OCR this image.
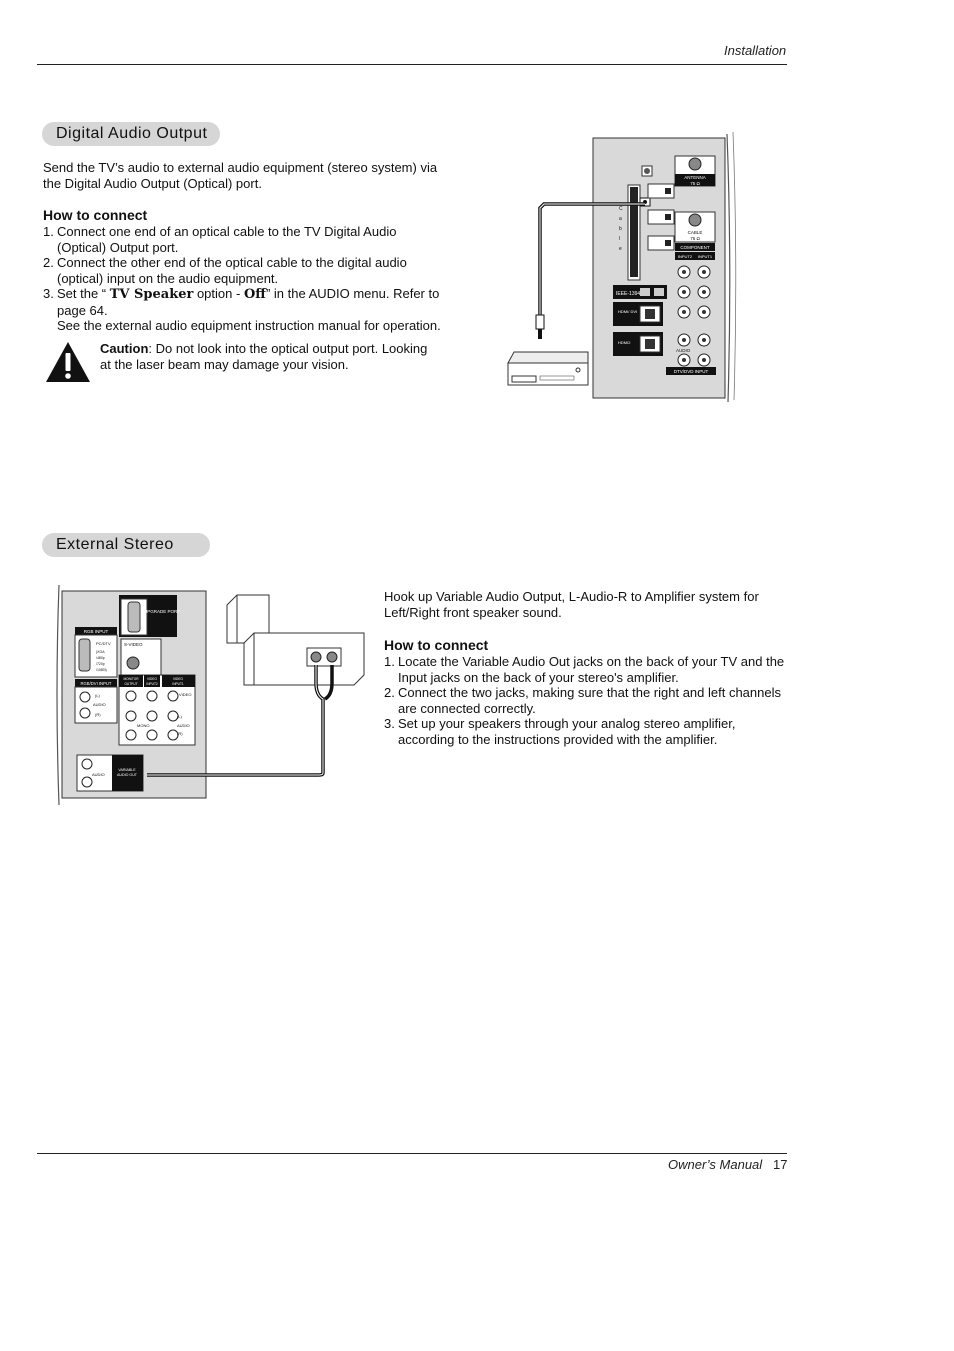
Installation
Digital Audio Output
Send the TV’s audio to external audio equipment (stereo system) via the Digital Audio Output (Optical) port.
How to connect
1. Connect one end of an optical cable to the TV Digital Audio (Optical) Output port.
2. Connect the other end of the optical cable to the digital audio (optical) input on the audio equipment.
3. Set the “ TV Speaker option - Off” in the AUDIO menu. Refer to page 64.
See the external audio equipment instruction manual for operation.
Caution: Do not look into the optical output port. Looking at the laser beam may damage your vision.
C
a
b
l
e
ANTENNA
75 Ω
CABLE
75 Ω
COMPONENT
INPUT2 INPUT1
AUDIO
DTV/DVD INPUT
IEEE-1394
HDMI/ DVI
HDMI2
External Stereo
UPGRADE PORT
RGB INPUT
PC/DTV
(XGA
/480p
/720p
/1080i)
RGB/DVI INPUT
(L)
AUDIO
(R)
S-VIDEO
MONITOR
OUTPUT
VIDEO
INPUT2
VIDEO
INPUT1
VIDEO
MONO
(L)
AUDIO
(R)
AUDIO
VARIABLE
AUDIO OUT
Hook up Variable Audio Output, L-Audio-R to Amplifier system for Left/Right front speaker sound.
How to connect
1. Locate the Variable Audio Out jacks on the back of your TV and the Input jacks on the back of your stereo's amplifier.
2. Connect the two jacks, making sure that the right and left channels are connected correctly.
3. Set up your speakers through your analog stereo amplifier, according to the instructions provided with the amplifier.
Owner’s Manual 17
